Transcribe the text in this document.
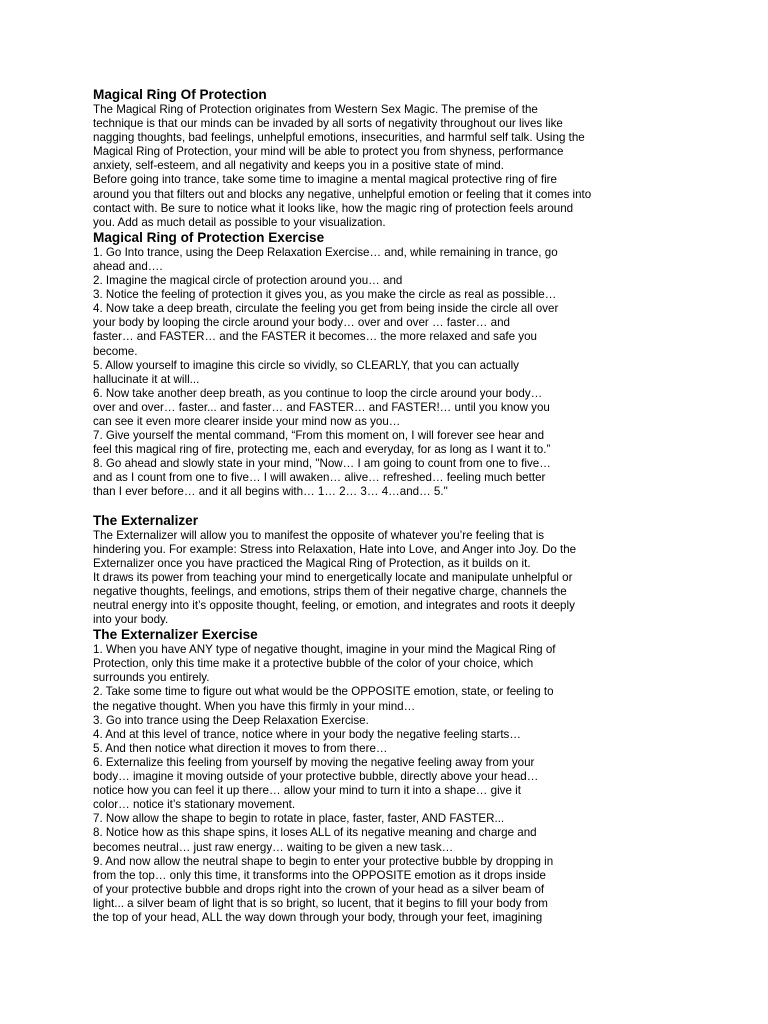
Magical Ring Of Protection
The Magical Ring of Protection originates from Western Sex Magic. The premise of the
technique is that our minds can be invaded by all sorts of negativity throughout our lives like
nagging thoughts, bad feelings, unhelpful emotions, insecurities, and harmful self talk. Using the
Magical Ring of Protection, your mind will be able to protect you from shyness, performance
anxiety, self-esteem, and all negativity and keeps you in a positive state of mind.
Before going into trance, take some time to imagine a mental magical protective ring of fire
around you that filters out and blocks any negative, unhelpful emotion or feeling that it comes into
contact with. Be sure to notice what it looks like, how the magic ring of protection feels around
you. Add as much detail as possible to your visualization.
Magical Ring of Protection Exercise
1. Go Into trance, using the Deep Relaxation Exercise… and, while remaining in trance, go
ahead and….
2. Imagine the magical circle of protection around you… and
3. Notice the feeling of protection it gives you, as you make the circle as real as possible…
4. Now take a deep breath, circulate the feeling you get from being inside the circle all over
your body by looping the circle around your body… over and over … faster… and
faster… and FASTER… and the FASTER it becomes… the more relaxed and safe you
become.
5. Allow yourself to imagine this circle so vividly, so CLEARLY, that you can actually
hallucinate it at will...
6. Now take another deep breath, as you continue to loop the circle around your body…
over and over… faster... and faster… and FASTER… and FASTER!… until you know you
can see it even more clearer inside your mind now as you…
7. Give yourself the mental command, “From this moment on, I will forever see hear and
feel this magical ring of fire, protecting me, each and everyday, for as long as I want it to.”
8. Go ahead and slowly state in your mind, "Now… I am going to count from one to five…
and as I count from one to five… I will awaken… alive… refreshed… feeling much better
than I ever before… and it all begins with… 1… 2… 3… 4…and… 5."
The Externalizer
The Externalizer will allow you to manifest the opposite of whatever you’re feeling that is
hindering you. For example: Stress into Relaxation, Hate into Love, and Anger into Joy. Do the
Externalizer once you have practiced the Magical Ring of Protection, as it builds on it.
It draws its power from teaching your mind to energetically locate and manipulate unhelpful or
negative thoughts, feelings, and emotions, strips them of their negative charge, channels the
neutral energy into it’s opposite thought, feeling, or emotion, and integrates and roots it deeply
into your body.
The Externalizer Exercise
1. When you have ANY type of negative thought, imagine in your mind the Magical Ring of
Protection, only this time make it a protective bubble of the color of your choice, which
surrounds you entirely.
2. Take some time to figure out what would be the OPPOSITE emotion, state, or feeling to
the negative thought. When you have this firmly in your mind…
3. Go into trance using the Deep Relaxation Exercise.
4. And at this level of trance, notice where in your body the negative feeling starts…
5. And then notice what direction it moves to from there…
6. Externalize this feeling from yourself by moving the negative feeling away from your
body… imagine it moving outside of your protective bubble, directly above your head…
notice how you can feel it up there… allow your mind to turn it into a shape… give it
color… notice it’s stationary movement.
7. Now allow the shape to begin to rotate in place, faster, faster, AND FASTER...
8. Notice how as this shape spins, it loses ALL of its negative meaning and charge and
becomes neutral… just raw energy… waiting to be given a new task…
9. And now allow the neutral shape to begin to enter your protective bubble by dropping in
from the top… only this time, it transforms into the OPPOSITE emotion as it drops inside
of your protective bubble and drops right into the crown of your head as a silver beam of
light... a silver beam of light that is so bright, so lucent, that it begins to fill your body from
the top of your head, ALL the way down through your body, through your feet, imagining
